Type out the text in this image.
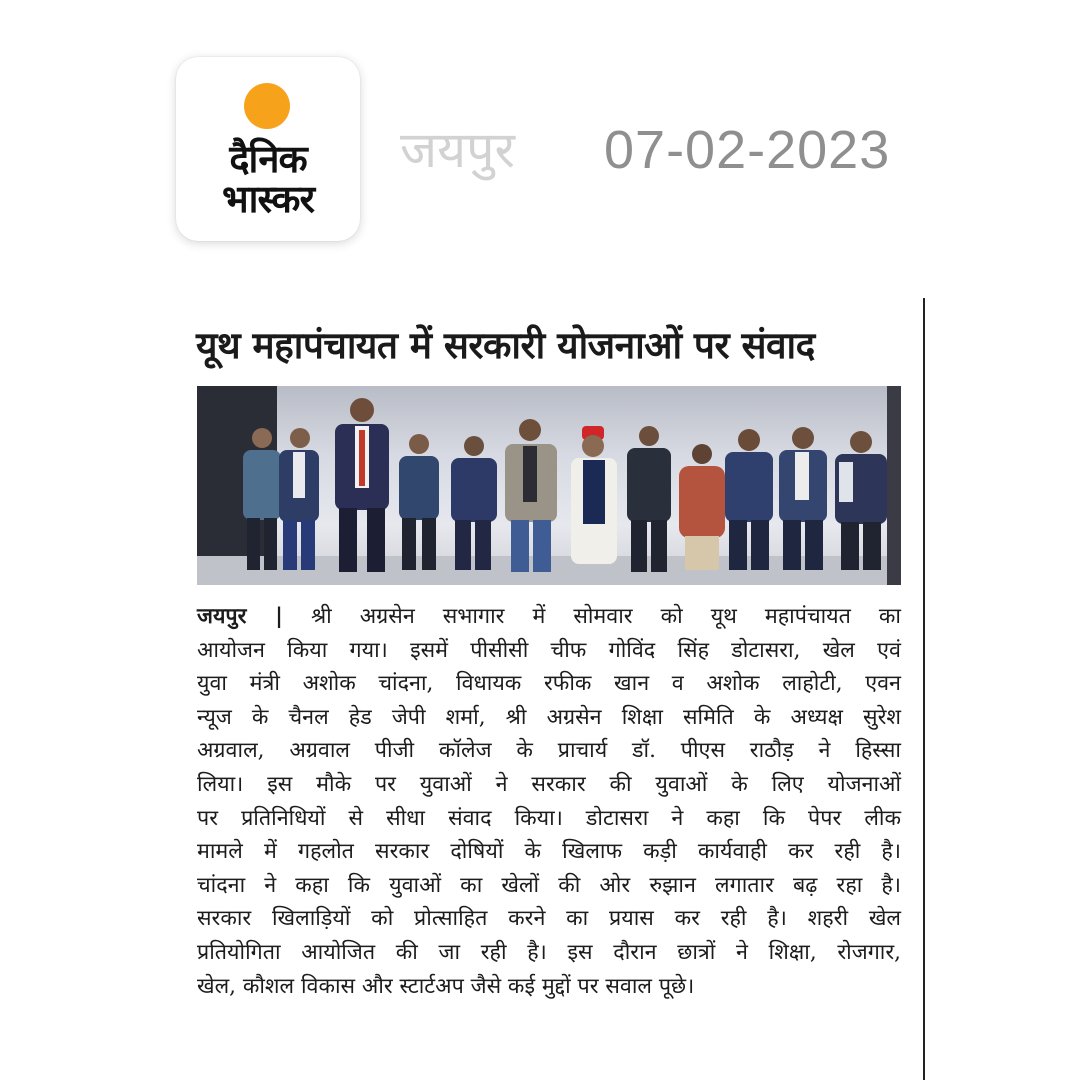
दैनिक
भास्कर
जयपुर 07-02-2023
यूथ महापंचायत में सरकारी योजनाओं पर संवाद
जयपुर | श्री अग्रसेन सभागार में सोमवार को यूथ महापंचायत का
आयोजन किया गया। इसमें पीसीसी चीफ गोविंद सिंह डोटासरा, खेल एवं
युवा मंत्री अशोक चांदना, विधायक रफीक खान व अशोक लाहोटी, एवन
न्यूज के चैनल हेड जेपी शर्मा, श्री अग्रसेन शिक्षा समिति के अध्यक्ष सुरेश
अग्रवाल, अग्रवाल पीजी कॉलेज के प्राचार्य डॉ. पीएस राठौड़ ने हिस्सा
लिया। इस मौके पर युवाओं ने सरकार की युवाओं के लिए योजनाओं
पर प्रतिनिधियों से सीधा संवाद किया। डोटासरा ने कहा कि पेपर लीक
मामले में गहलोत सरकार दोषियों के खिलाफ कड़ी कार्यवाही कर रही है।
चांदना ने कहा कि युवाओं का खेलों की ओर रुझान लगातार बढ़ रहा है।
सरकार खिलाड़ियों को प्रोत्साहित करने का प्रयास कर रही है। शहरी खेल
प्रतियोगिता आयोजित की जा रही है। इस दौरान छात्रों ने शिक्षा, रोजगार,
खेल, कौशल विकास और स्टार्टअप जैसे कई मुद्दों पर सवाल पूछे।
